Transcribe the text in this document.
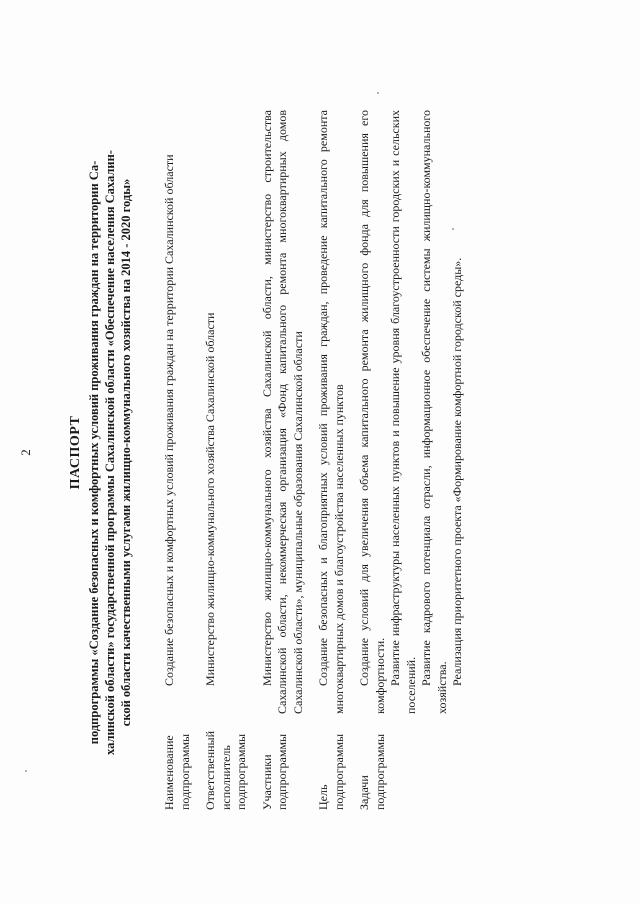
2	ПАСПОРТ подпрограммы «Создание безопасных и комфортных условий проживания граждан на территории Са- халинской области» государственной программы Сахалинской области «Обеспечение населения Сахалин- ской области качественными услугами жилищно-коммунального хозяйства на 2014 - 2020 годы»
Наименование подпрограммы

Создание безопасных и комфортных условий проживания граждан на территории Сахалинской области

Ответственный исполнитель подпрограммы

Министерство жилищно-коммунального хозяйства Сахалинской области

Участники подпрограммы

Министерство жилищно-коммунального хозяйства Сахалинской области, министерство строительства Сахалинской области, некоммерческая организация «Фонд капитального ремонта многоквартирных домов Сахалинской области», муниципальные образования Сахалинской области

Цель подпрограммы

Создание безопасных и благоприятных условий проживания граждан, проведение капитального ремонта многоквартирных домов и благоустройства населенных пунктов

Задачи подпрограммы

Создание условий для увеличения объема капитального ремонта жилищного фонда для повышения его комфортности. Развитие инфраструктуры населенных пунктов и повышение уровня благоустроенности городских и сельских поселений. Развитие кадрового потенциала отрасли, информационное обеспечение системы жилищно-коммунального хозяйства.

Реализация приоритетного проекта «Формирование комфортной городской среды».
